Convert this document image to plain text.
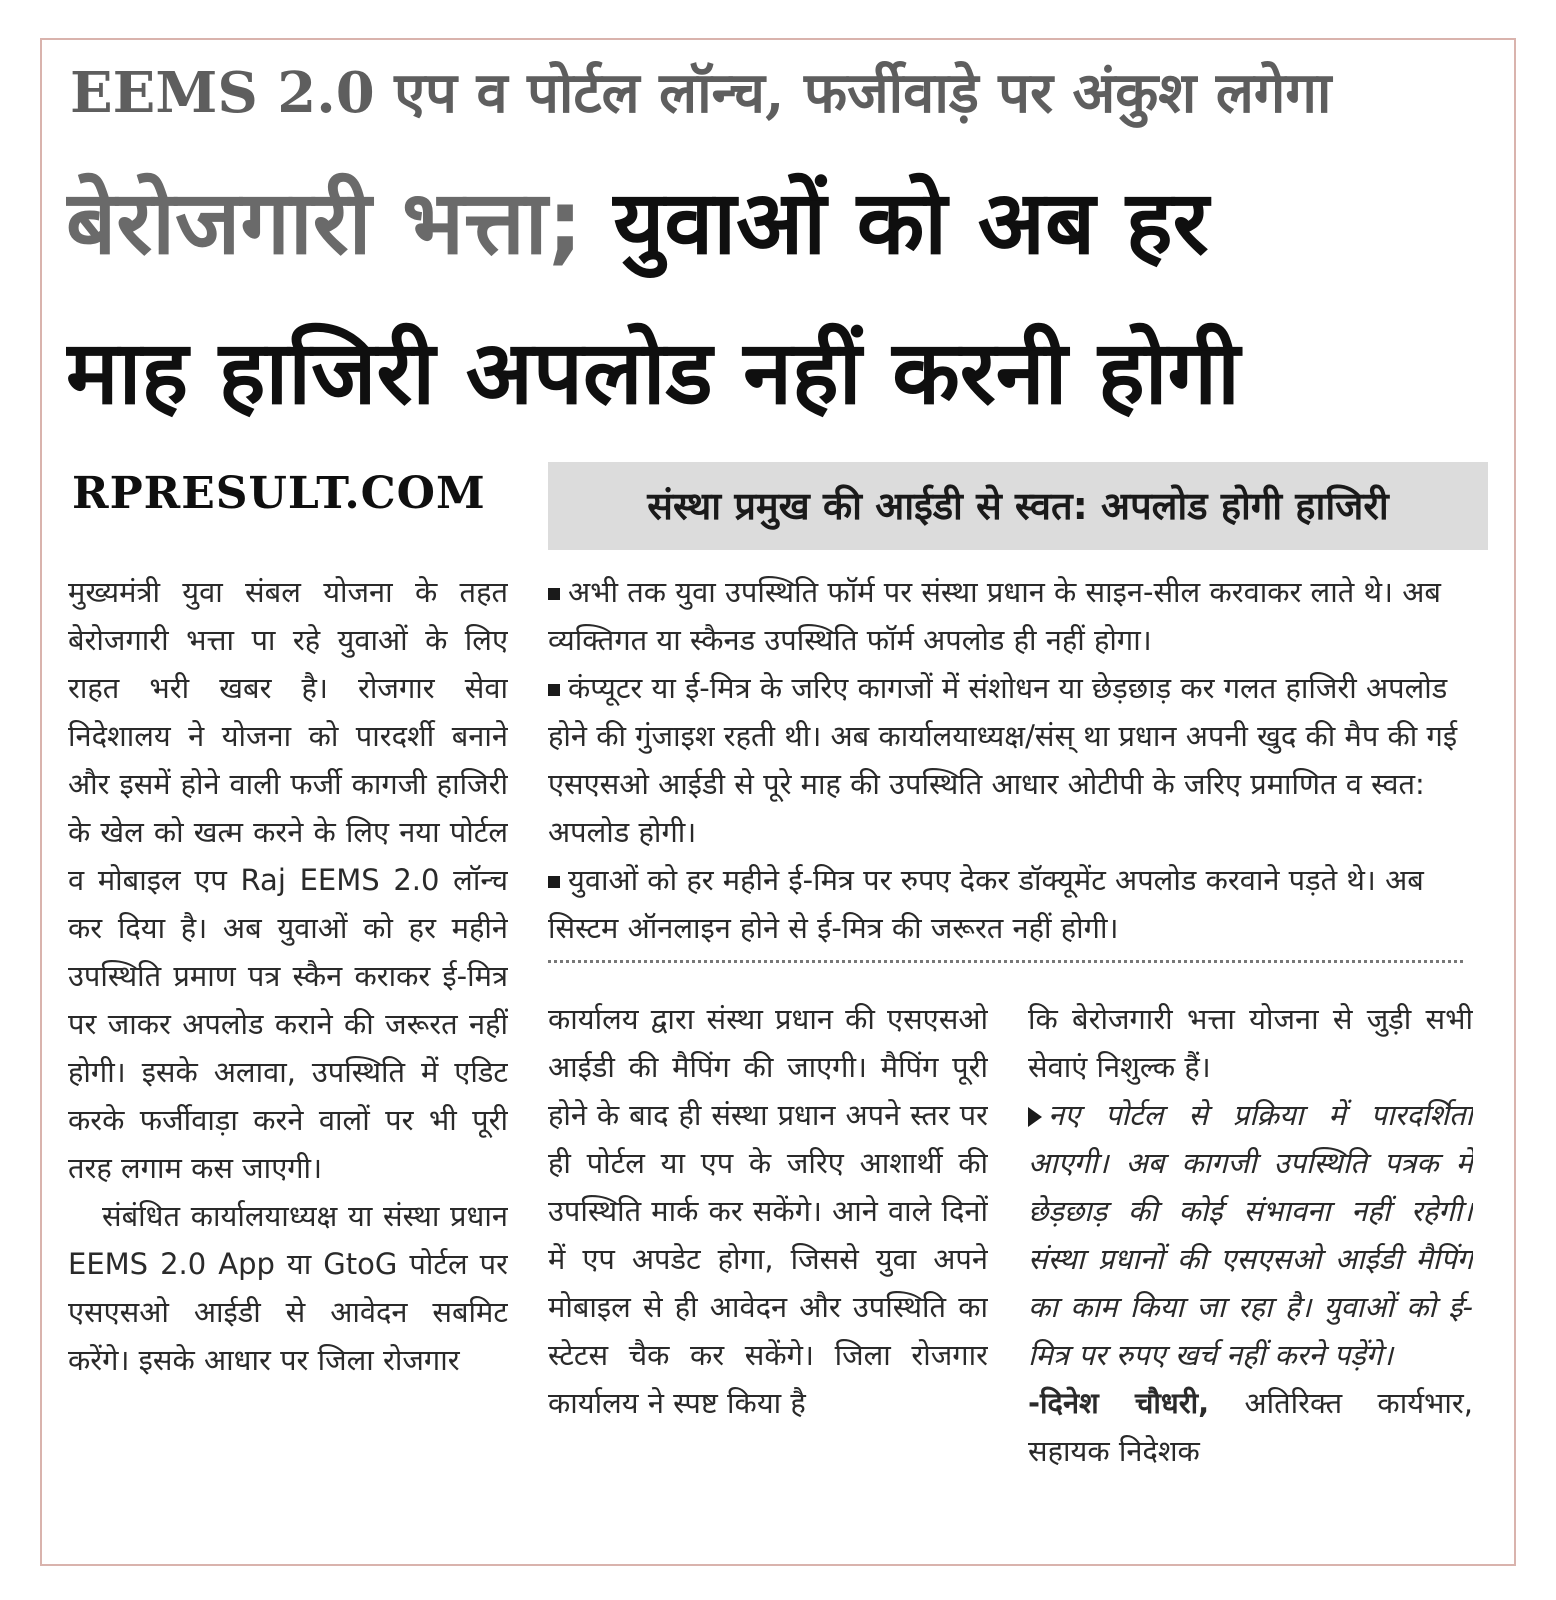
EEMS 2.0 एप व पोर्टल लॉन्च, फर्जीवाड़े पर अंकुश लगेगा
बेरोजगारी भत्ता; युवाओं को अब हर
माह हाजिरी अपलोड नहीं करनी होगी
RPRESULT.COM	संस्था प्रमुख की आईडी से स्वत: अपलोड होगी हाजिरी

मुख्यमंत्री युवा संबल योजना के तहत बेरोजगारी भत्ता पा रहे युवाओं के लिए राहत भरी खबर है। रोजगार सेवा निदेशालय ने योजना को पारदर्शी बनाने और इसमें होने वाली फर्जी कागजी हाजिरी के खेल को खत्म करने के लिए नया पोर्टल व मोबाइल एप Raj EEMS 2.0 लॉन्च कर दिया है। अब युवाओं को हर महीने उपस्थिति प्रमाण पत्र स्कैन कराकर ई-मित्र पर जाकर अपलोड कराने की जरूरत नहीं होगी। इसके अलावा, उपस्थिति में एडिट करके फर्जीवाड़ा करने वालों पर भी पूरी तरह लगाम कस जाएगी।

संबंधित कार्यालयाध्यक्ष या संस्था प्रधान EEMS 2.0 App या GtoG पोर्टल पर एसएसओ आईडी से आवेदन सबमिट करेंगे। इसके आधार पर जिला रोजगार

अभी तक युवा उपस्थिति फॉर्म पर संस्था प्रधान के साइन-सील करवाकर लाते थे। अब व्यक्तिगत या स्कैनड उपस्थिति फॉर्म अपलोड ही नहीं होगा।

कंप्यूटर या ई-मित्र के जरिए कागजों में संशोधन या छेड़छाड़ कर गलत हाजिरी अपलोड होने की गुंजाइश रहती थी। अब कार्यालयाध्यक्ष/संस् था प्रधान अपनी खुद की मैप की गई एसएसओ आईडी से पूरे माह की उपस्थिति आधार ओटीपी के जरिए प्रमाणित व स्वत: अपलोड होगी।

युवाओं को हर महीने ई-मित्र पर रुपए देकर डॉक्यूमेंट अपलोड करवाने पड़ते थे। अब सिस्टम ऑनलाइन होने से ई-मित्र की जरूरत नहीं होगी।

कार्यालय द्वारा संस्था प्रधान की एसएसओ आईडी की मैपिंग की जाएगी। मैपिंग पूरी होने के बाद ही संस्था प्रधान अपने स्तर पर ही पोर्टल या एप के जरिए आशार्थी की उपस्थिति मार्क कर सकेंगे। आने वाले दिनों में एप अपडेट होगा, जिससे युवा अपने मोबाइल से ही आवेदन और उपस्थिति का स्टेटस चैक कर सकेंगे। जिला रोजगार कार्यालय ने स्पष्ट किया है

कि बेरोजगारी भत्ता योजना से जुड़ी सभी सेवाएं निशुल्क हैं।

नए पोर्टल से प्रक्रिया में पारदर्शिता आएगी। अब कागजी उपस्थिति पत्रक में छेड़छाड़ की कोई संभावना नहीं रहेगी। संस्था प्रधानों की एसएसओ आईडी मैपिंग का काम किया जा रहा है। युवाओं को ई-मित्र पर रुपए खर्च नहीं करने पड़ेंगे।

-दिनेश चौधरी, अतिरिक्त कार्यभार, सहायक निदेशक
